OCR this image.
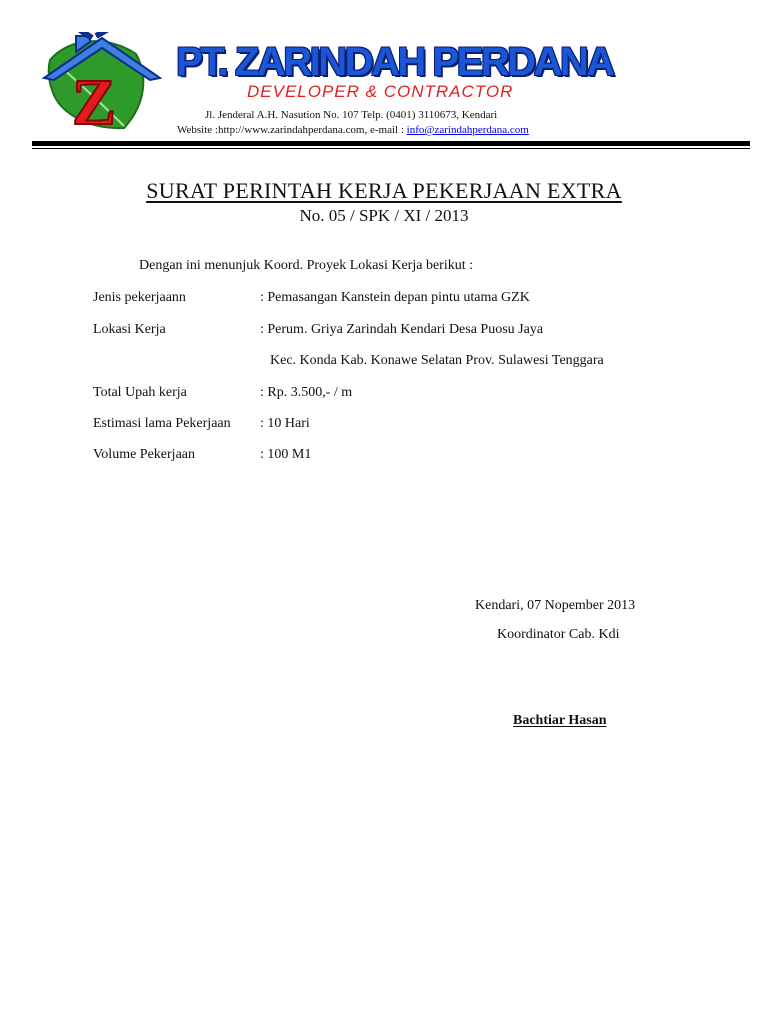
Z
PT. ZARINDAH PERDANA
DEVELOPER & CONTRACTOR
Jl. Jenderal A.H. Nasution No. 107 Telp. (0401) 3110673, Kendari
Website :http://www.zarindahperdana.com, e-mail : info@zarindahperdana.com
SURAT PERINTAH KERJA PEKERJAAN EXTRA
No. 05 / SPK / XI / 2013
Dengan ini menunjuk Koord. Proyek Lokasi Kerja berikut :
Jenis pekerjaann	: Pemasangan Kanstein depan pintu utama GZK
Lokasi Kerja	: Perum. Griya Zarindah Kendari Desa Puosu Jaya
Kec. Konda Kab. Konawe Selatan Prov. Sulawesi Tenggara
Total Upah kerja	: Rp. 3.500,- / m
Estimasi lama Pekerjaan : 10 Hari
Volume Pekerjaan	: 100 M1
Kendari, 07 Nopember 2013
Koordinator Cab. Kdi
Bachtiar Hasan
